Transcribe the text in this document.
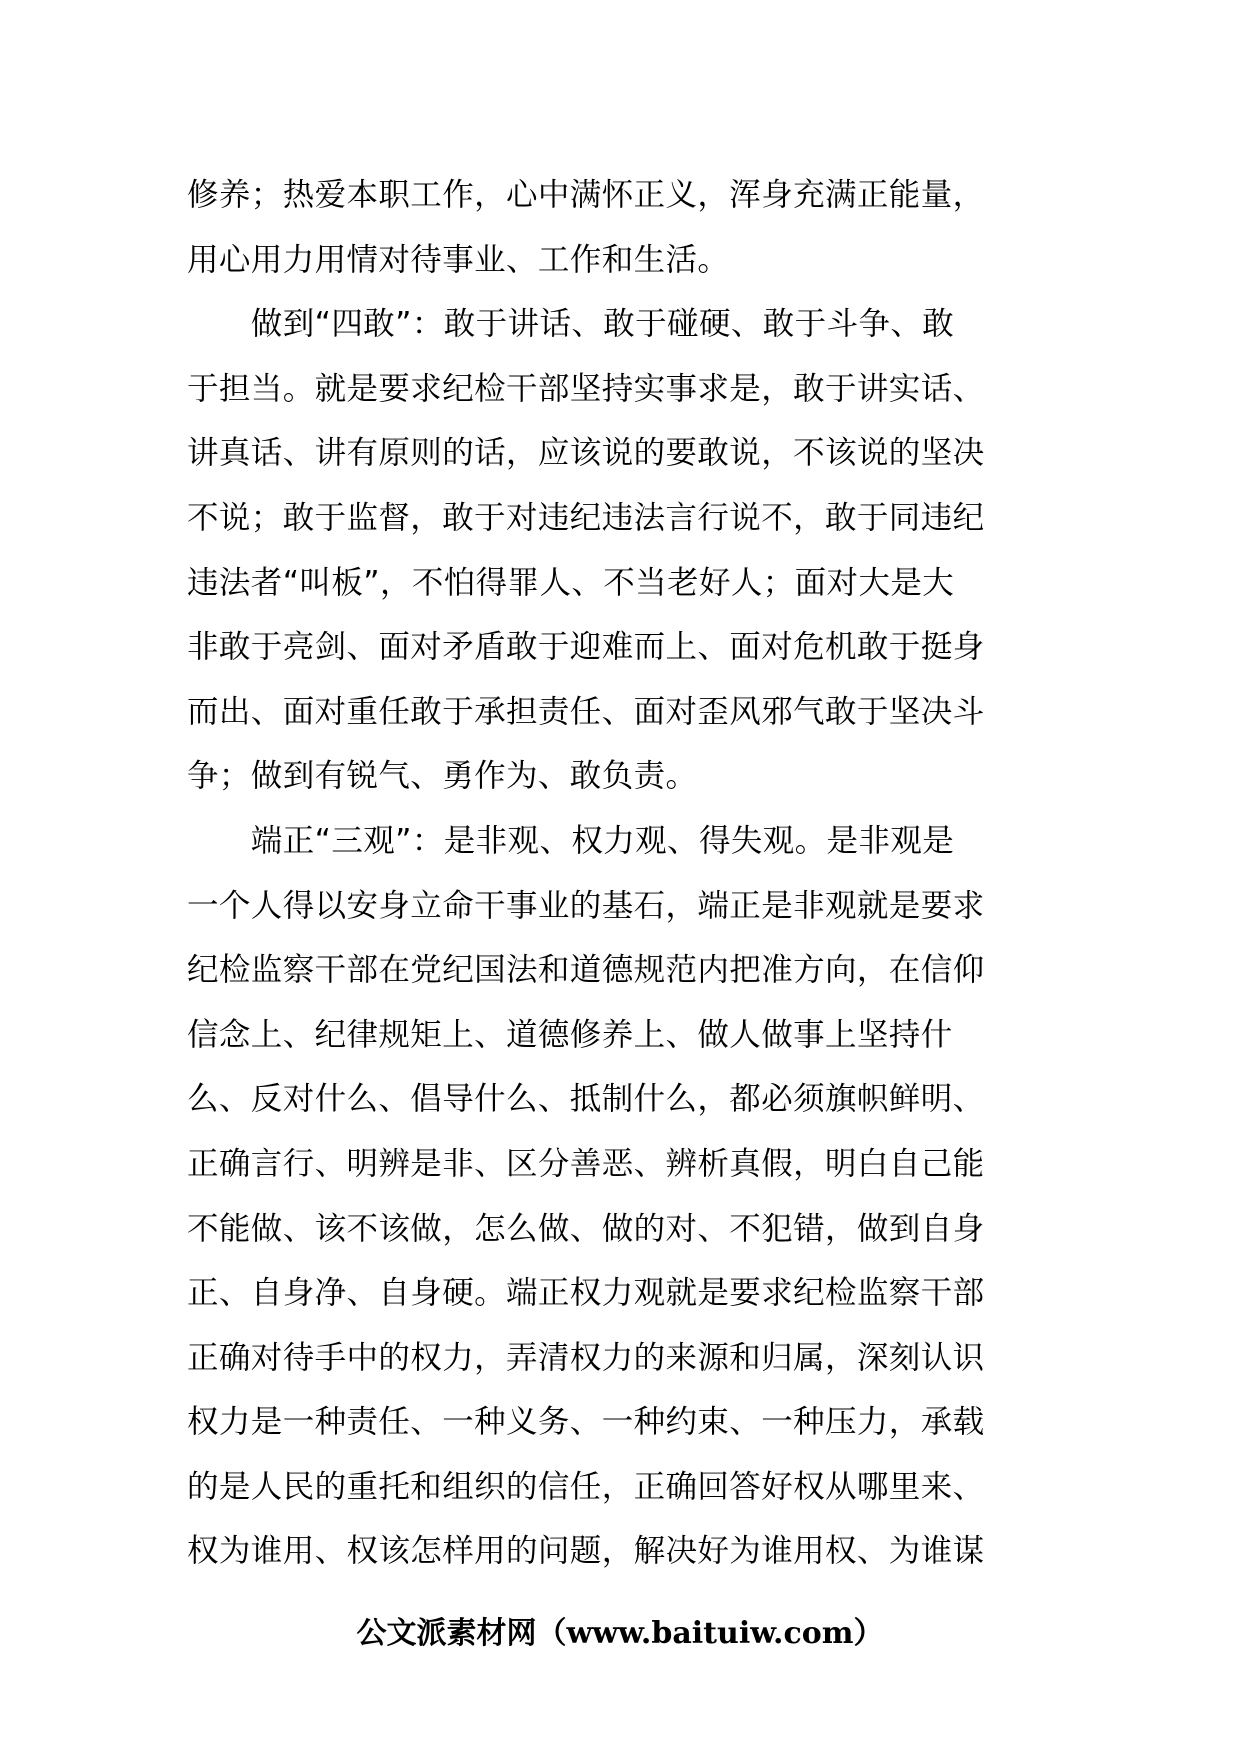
修养；热爱本职工作，心中满怀正义，浑身充满正能量，
用心用力用情对待事业、工作和生活。
　　做到“四敢”：敢于讲话、敢于碰硬、敢于斗争、敢
于担当。就是要求纪检干部坚持实事求是，敢于讲实话、
讲真话、讲有原则的话，应该说的要敢说，不该说的坚决
不说；敢于监督，敢于对违纪违法言行说不，敢于同违纪
违法者“叫板”，不怕得罪人、不当老好人；面对大是大
非敢于亮剑、面对矛盾敢于迎难而上、面对危机敢于挺身
而出、面对重任敢于承担责任、面对歪风邪气敢于坚决斗
争；做到有锐气、勇作为、敢负责。
　　端正“三观”：是非观、权力观、得失观。是非观是
一个人得以安身立命干事业的基石，端正是非观就是要求
纪检监察干部在党纪国法和道德规范内把准方向，在信仰
信念上、纪律规矩上、道德修养上、做人做事上坚持什
么、反对什么、倡导什么、抵制什么，都必须旗帜鲜明、
正确言行、明辨是非、区分善恶、辨析真假，明白自己能
不能做、该不该做，怎么做、做的对、不犯错，做到自身
正、自身净、自身硬。端正权力观就是要求纪检监察干部
正确对待手中的权力，弄清权力的来源和归属，深刻认识
权力是一种责任、一种义务、一种约束、一种压力，承载
的是人民的重托和组织的信任，正确回答好权从哪里来、
权为谁用、权该怎样用的问题，解决好为谁用权、为谁谋
公文派素材网（www.baituiw.com）
